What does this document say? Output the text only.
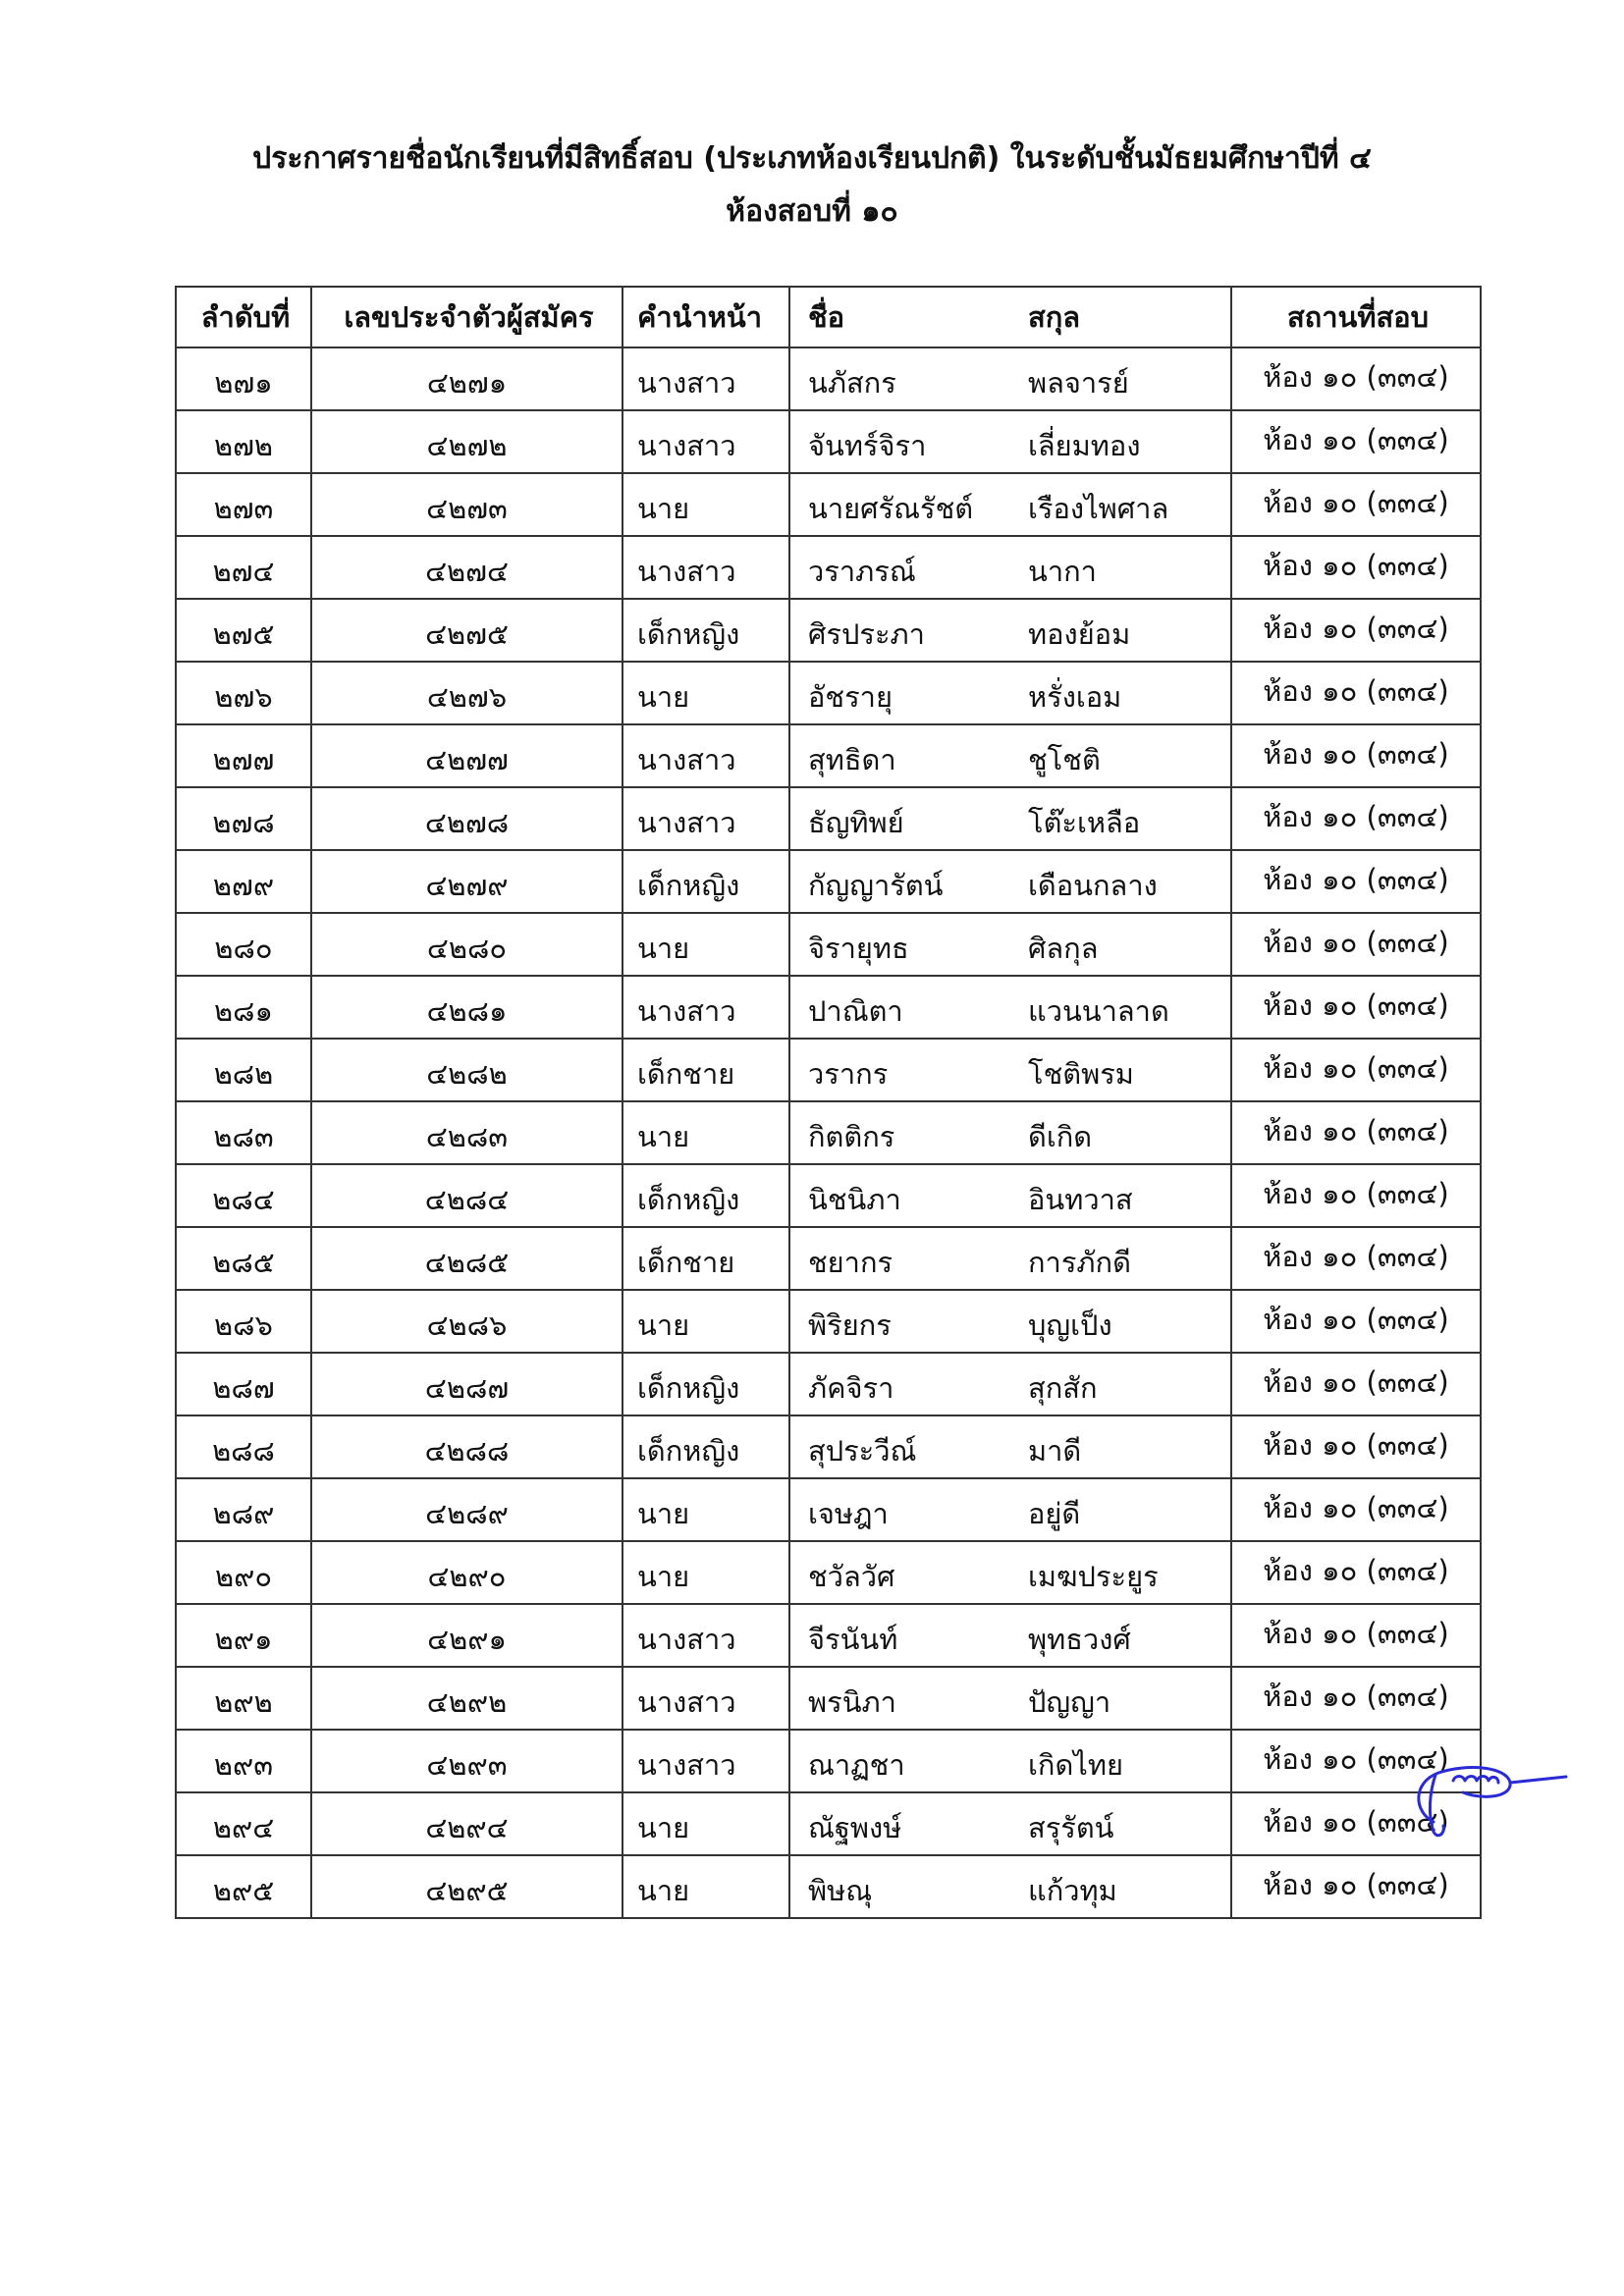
ประกาศรายชื่อนักเรียนที่มีสิทธิ์สอบ (ประเภทห้องเรียนปกติ) ในระดับชั้นมัธยมศึกษาปีที่ ๔
ห้องสอบที่ ๑๐
ลำดับที่	เลขประจำตัวผู้สมัคร	คำนำหน้า	ชื่อ	สกุล	สถานที่สอบ
๒๗๑	๔๒๗๑	นางสาว	นภัสกร	พลจารย์	ห้อง ๑๐ (๓๓๔)
๒๗๒	๔๒๗๒	นางสาว	จันทร์จิรา	เลี่ยมทอง	ห้อง ๑๐ (๓๓๔)
๒๗๓	๔๒๗๓	นาย	นายศรัณรัชต์	เรืองไพศาล	ห้อง ๑๐ (๓๓๔)
๒๗๔	๔๒๗๔	นางสาว	วราภรณ์	นากา	ห้อง ๑๐ (๓๓๔)
๒๗๕	๔๒๗๕	เด็กหญิง	ศิรประภา	ทองย้อม	ห้อง ๑๐ (๓๓๔)
๒๗๖	๔๒๗๖	นาย	อัชรายุ	หรั่งเอม	ห้อง ๑๐ (๓๓๔)
๒๗๗	๔๒๗๗	นางสาว	สุทธิดา	ชูโชติ	ห้อง ๑๐ (๓๓๔)
๒๗๘	๔๒๗๘	นางสาว	ธัญทิพย์	โต๊ะเหลือ	ห้อง ๑๐ (๓๓๔)
๒๗๙	๔๒๗๙	เด็กหญิง	กัญญารัตน์	เดือนกลาง	ห้อง ๑๐ (๓๓๔)
๒๘๐	๔๒๘๐	นาย	จิรายุทธ	ศิลกุล	ห้อง ๑๐ (๓๓๔)
๒๘๑	๔๒๘๑	นางสาว	ปาณิตา	แวนนาลาด	ห้อง ๑๐ (๓๓๔)
๒๘๒	๔๒๘๒	เด็กชาย	วรากร	โชติพรม	ห้อง ๑๐ (๓๓๔)
๒๘๓	๔๒๘๓	นาย	กิตติกร	ดีเกิด	ห้อง ๑๐ (๓๓๔)
๒๘๔	๔๒๘๔	เด็กหญิง	นิชนิภา	อินทวาส	ห้อง ๑๐ (๓๓๔)
๒๘๕	๔๒๘๕	เด็กชาย	ชยากร	การภักดี	ห้อง ๑๐ (๓๓๔)
๒๘๖	๔๒๘๖	นาย	พิริยกร	บุญเป็ง	ห้อง ๑๐ (๓๓๔)
๒๘๗	๔๒๘๗	เด็กหญิง	ภัคจิรา	สุกสัก	ห้อง ๑๐ (๓๓๔)
๒๘๘	๔๒๘๘	เด็กหญิง	สุประวีณ์	มาดี	ห้อง ๑๐ (๓๓๔)
๒๘๙	๔๒๘๙	นาย	เจษฎา	อยู่ดี	ห้อง ๑๐ (๓๓๔)
๒๙๐	๔๒๙๐	นาย	ชวัลวัศ	เมฆประยูร	ห้อง ๑๐ (๓๓๔)
๒๙๑	๔๒๙๑	นางสาว	จีรนันท์	พุทธวงศ์	ห้อง ๑๐ (๓๓๔)
๒๙๒	๔๒๙๒	นางสาว	พรนิภา	ปัญญา	ห้อง ๑๐ (๓๓๔)
๒๙๓	๔๒๙๓	นางสาว	ณาฏชา	เกิดไทย	ห้อง ๑๐ (๓๓๔)
๒๙๔	๔๒๙๔	นาย	ณัฐพงษ์	สรุรัตน์	ห้อง ๑๐ (๓๓๔)
๒๙๕	๔๒๙๕	นาย	พิษณุ	แก้วทุม	ห้อง ๑๐ (๓๓๔)
